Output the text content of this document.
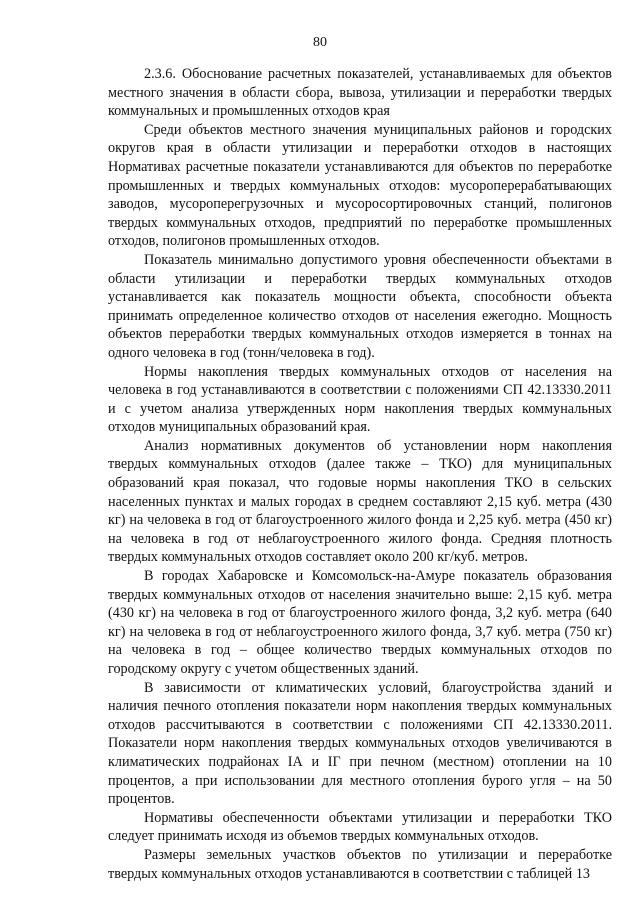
80

2.3.6. Обоснование расчетных показателей, устанавливаемых для объектов местного значения в области сбора, вывоза, утилизации и переработки твердых коммунальных и промышленных отходов края

Среди объектов местного значения муниципальных районов и городских округов края в области утилизации и переработки отходов в настоящих Нормативах расчетные показатели устанавливаются для объектов по переработке промышленных и твердых коммунальных отходов: мусороперерабатывающих заводов, мусороперегрузочных и мусоросортировочных станций, полигонов твердых коммунальных отходов, предприятий по переработке промышленных отходов, полигонов промышленных отходов.

Показатель минимально допустимого уровня обеспеченности объектами в области утилизации и переработки твердых коммунальных отходов устанавливается как показатель мощности объекта, способности объекта принимать определенное количество отходов от населения ежегодно. Мощность объектов переработки твердых коммунальных отходов измеряется в тоннах на одного человека в год (тонн/человека в год).

Нормы накопления твердых коммунальных отходов от населения на человека в год устанавливаются в соответствии с положениями СП 42.13330.2011 и с учетом анализа утвержденных норм накопления твердых коммунальных отходов муниципальных образований края.

Анализ нормативных документов об установлении норм накопления твердых коммунальных отходов (далее также – ТКО) для муниципальных образований края показал, что годовые нормы накопления ТКО в сельских населенных пунктах и малых городах в среднем составляют 2,15 куб. метра (430 кг) на человека в год от благоустроенного жилого фонда и 2,25 куб. метра (450 кг) на человека в год от неблагоустроенного жилого фонда. Средняя плотность твердых коммунальных отходов составляет около 200 кг/куб. метров.

В городах Хабаровске и Комсомольск-на-Амуре показатель образования твердых коммунальных отходов от населения значительно выше: 2,15 куб. метра (430 кг) на человека в год от благоустроенного жилого фонда, 3,2 куб. метра (640 кг) на человека в год от неблагоустроенного жилого фонда, 3,7 куб. метра (750 кг) на человека в год – общее количество твердых коммунальных отходов по городскому округу с учетом общественных зданий.

В зависимости от климатических условий, благоустройства зданий и наличия печного отопления показатели норм накопления твердых коммунальных отходов рассчитываются в соответствии с положениями СП 42.13330.2011. Показатели норм накопления твердых коммунальных отходов увеличиваются в климатических подрайонах IА и IГ при печном (местном) отоплении на 10 процентов, а при использовании для местного отопления бурого угля – на 50 процентов.

Нормативы обеспеченности объектами утилизации и переработки ТКО следует принимать исходя из объемов твердых коммунальных отходов.

Размеры земельных участков объектов по утилизации и переработке твердых коммунальных отходов устанавливаются в соответствии с таблицей 13
